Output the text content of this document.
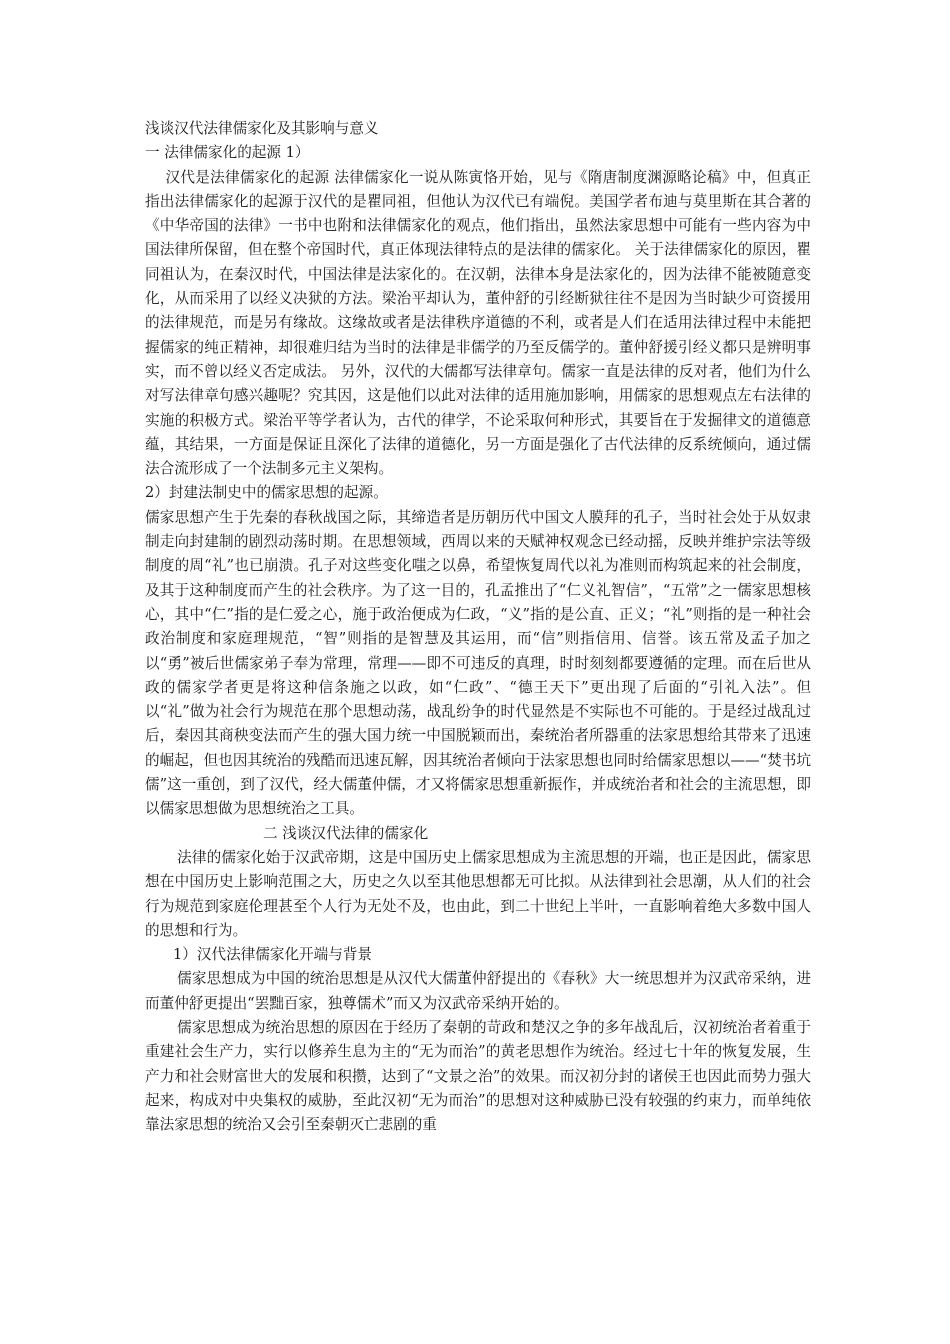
浅谈汉代法律儒家化及其影响与意义
一 法律儒家化的起源 1）

汉代是法律儒家化的起源 法律儒家化一说从陈寅恪开始，见与《隋唐制度渊源略论稿》中，但真正指出法律儒家化的起源于汉代的是瞿同祖，但他认为汉代已有端倪。美国学者布迪与莫里斯在其合著的《中华帝国的法律》一书中也附和法律儒家化的观点，他们指出，虽然法家思想中可能有一些内容为中国法律所保留，但在整个帝国时代，真正体现法律特点的是法律的儒家化。 关于法律儒家化的原因，瞿同祖认为，在秦汉时代，中国法律是法家化的。在汉朝，法律本身是法家化的，因为法律不能被随意变化，从而采用了以经义决狱的方法。梁治平却认为，董仲舒的引经断狱往往不是因为当时缺少可资援用的法律规范，而是另有缘故。这缘故或者是法律秩序道德的不利，或者是人们在适用法律过程中未能把握儒家的纯正精神，却很难归结为当时的法律是非儒学的乃至反儒学的。董仲舒援引经义都只是辨明事实，而不曾以经义否定成法。 另外，汉代的大儒都写法律章句。儒家一直是法律的反对者，他们为什么对写法律章句感兴趣呢？究其因，这是他们以此对法律的适用施加影响，用儒家的思想观点左右法律的实施的积极方式。梁治平等学者认为，古代的律学，不论采取何种形式，其要旨在于发掘律文的道德意蕴，其结果，一方面是保证且深化了法律的道德化，另一方面是强化了古代法律的反系统倾向，通过儒法合流形成了一个法制多元主义架构。

2）封建法制史中的儒家思想的起源。

儒家思想产生于先秦的春秋战国之际，其缔造者是历朝历代中国文人膜拜的孔子，当时社会处于从奴隶制走向封建制的剧烈动荡时期。在思想领域，西周以来的天赋神权观念已经动摇，反映并维护宗法等级制度的周“礼”也已崩溃。孔子对这些变化嗤之以鼻，希望恢复周代以礼为准则而构筑起来的社会制度，及其于这种制度而产生的社会秩序。为了这一目的，孔孟推出了“仁义礼智信”，“五常”之一儒家思想核心，其中“仁”指的是仁爱之心，施于政治便成为仁政，“义”指的是公直、正义；“礼”则指的是一种社会政治制度和家庭理规范，“智”则指的是智慧及其运用，而“信”则指信用、信誉。该五常及孟子加之以“勇”被后世儒家弟子奉为常理，常理——即不可违反的真理，时时刻刻都要遵循的定理。而在后世从政的儒家学者更是将这种信条施之以政，如“仁政”、“德王天下”更出现了后面的“引礼入法”。但以“礼”做为社会行为规范在那个思想动荡，战乱纷争的时代显然是不实际也不可能的。于是经过战乱过后，秦因其商秧变法而产生的强大国力统一中国脱颖而出，秦统治者所器重的法家思想给其带来了迅速的崛起，但也因其统治的残酷而迅速瓦解，因其统治者倾向于法家思想也同时给儒家思想以——“焚书坑儒”这一重创，到了汉代，经大儒董仲儒，才又将儒家思想重新振作，并成统治者和社会的主流思想，即以儒家思想做为思想统治之工具。

二 浅谈汉代法律的儒家化

法律的儒家化始于汉武帝期，这是中国历史上儒家思想成为主流思想的开端，也正是因此，儒家思想在中国历史上影响范围之大，历史之久以至其他思想都无可比拟。从法律到社会思潮，从人们的社会行为规范到家庭伦理甚至个人行为无处不及，也由此，到二十世纪上半叶，一直影响着绝大多数中国人的思想和行为。

1）汉代法律儒家化开端与背景

儒家思想成为中国的统治思想是从汉代大儒董仲舒提出的《春秋》大一统思想并为汉武帝采纳，进而董仲舒更提出“罢黜百家，独尊儒术”而又为汉武帝采纳开始的。

儒家思想成为统治思想的原因在于经历了秦朝的苛政和楚汉之争的多年战乱后，汉初统治者着重于重建社会生产力，实行以修养生息为主的“无为而治”的黄老思想作为统治。经过七十年的恢复发展，生产力和社会财富世大的发展和积攒，达到了“文景之治”的效果。而汉初分封的诸侯王也因此而势力强大起来，构成对中央集权的威胁，至此汉初“无为而治”的思想对这种威胁已没有较强的约束力，而单纯依靠法家思想的统治又会引至秦朝灭亡悲剧的重
